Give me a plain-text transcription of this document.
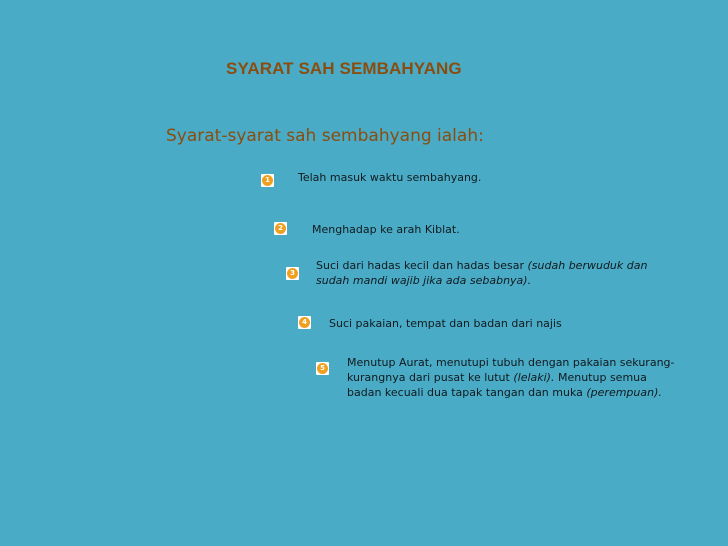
SYARAT SAH SEMBAHYANG
Syarat-syarat sah sembahyang ialah:
1	Telah masuk waktu sembahyang.
2	Menghadap ke arah Kiblat.
3
Suci dari hadas kecil dan hadas besar (sudah berwuduk dan sudah mandi wajib jika ada sebabnya).
4 Suci pakaian, tempat dan badan dari najis
5 Menutup Aurat, menutupi tubuh dengan pakaian sekurang-kurangnya dari pusat ke lutut (lelaki). Menutup semua badan kecuali dua tapak tangan dan muka (perempuan).
